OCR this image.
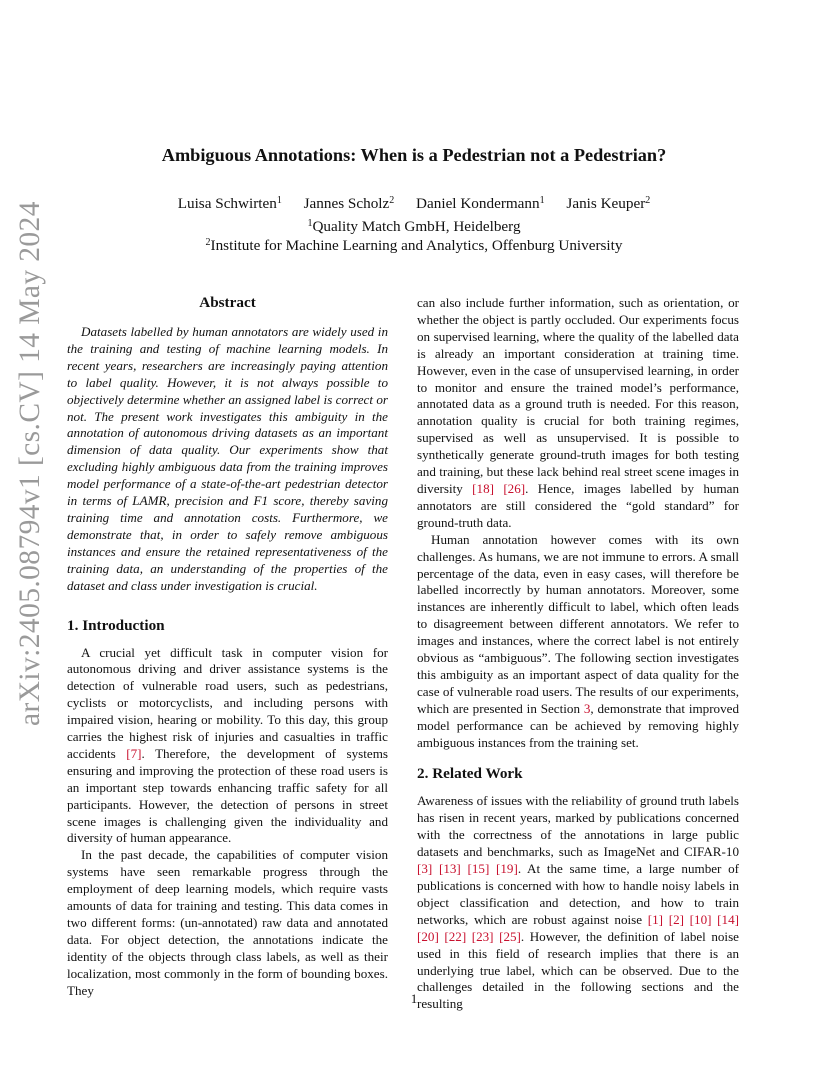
arXiv:2405.08794v1 [cs.CV] 14 May 2024
Ambiguous Annotations: When is a Pedestrian not a Pedestrian?
Luisa Schwirten$^1$ Jannes Scholz$^2$ Daniel Kondermann$^1$ Janis Keuper$^2$
$^1$Quality Match GmbH, Heidelberg
$^2$Institute for Machine Learning and Analytics, Offenburg University
Abstract

Datasets labelled by human annotators are widely used in the training and testing of machine learning models. In recent years, researchers are increasingly paying attention to label quality. However, it is not always possible to objectively determine whether an assigned label is correct or not. The present work investigates this ambiguity in the annotation of autonomous driving datasets as an important dimension of data quality. Our experiments show that excluding highly ambiguous data from the training improves model performance of a state-of-the-art pedestrian detector in terms of LAMR, precision and F1 score, thereby saving training time and annotation costs. Furthermore, we demonstrate that, in order to safely remove ambiguous instances and ensure the retained representativeness of the training data, an understanding of the properties of the dataset and class under investigation is crucial.

1. Introduction

A crucial yet difficult task in computer vision for autonomous driving and driver assistance systems is the detection of vulnerable road users, such as pedestrians, cyclists or motorcyclists, and including persons with impaired vision, hearing or mobility. To this day, this group carries the highest risk of injuries and casualties in traffic accidents [7]. Therefore, the development of systems ensuring and improving the protection of these road users is an important step towards enhancing traffic safety for all participants. However, the detection of persons in street scene images is challenging given the individuality and diversity of human appearance.

In the past decade, the capabilities of computer vision systems have seen remarkable progress through the employment of deep learning models, which require vasts amounts of data for training and testing. This data comes in two different forms: (un-annotated) raw data and annotated data. For object detection, the annotations indicate the identity of the objects through class labels, as well as their localization, most commonly in the form of bounding boxes. They

can also include further information, such as orientation, or whether the object is partly occluded. Our experiments focus on supervised learning, where the quality of the labelled data is already an important consideration at training time. However, even in the case of unsupervised learning, in order to monitor and ensure the trained model’s performance, annotated data as a ground truth is needed. For this reason, annotation quality is crucial for both training regimes, supervised as well as unsupervised. It is possible to synthetically generate ground-truth images for both testing and training, but these lack behind real street scene images in diversity [18] [26]. Hence, images labelled by human annotators are still considered the “gold standard” for ground-truth data.

Human annotation however comes with its own challenges. As humans, we are not immune to errors. A small percentage of the data, even in easy cases, will therefore be labelled incorrectly by human annotators. Moreover, some instances are inherently difficult to label, which often leads to disagreement between different annotators. We refer to images and instances, where the correct label is not entirely obvious as “ambiguous”. The following section investigates this ambiguity as an important aspect of data quality for the case of vulnerable road users. The results of our experiments, which are presented in Section 3, demonstrate that improved model performance can be achieved by removing highly ambiguous instances from the training set.

2. Related Work

Awareness of issues with the reliability of ground truth labels has risen in recent years, marked by publications concerned with the correctness of the annotations in large public datasets and benchmarks, such as ImageNet and CIFAR-10 [3] [13] [15] [19]. At the same time, a large number of publications is concerned with how to handle noisy labels in object classification and detection, and how to train networks, which are robust against noise [1] [2] [10] [14] [20] [22] [23] [25]. However, the definition of label noise used in this field of research implies that there is an underlying true label, which can be observed. Due to the challenges detailed in the following sections and the resulting

1
